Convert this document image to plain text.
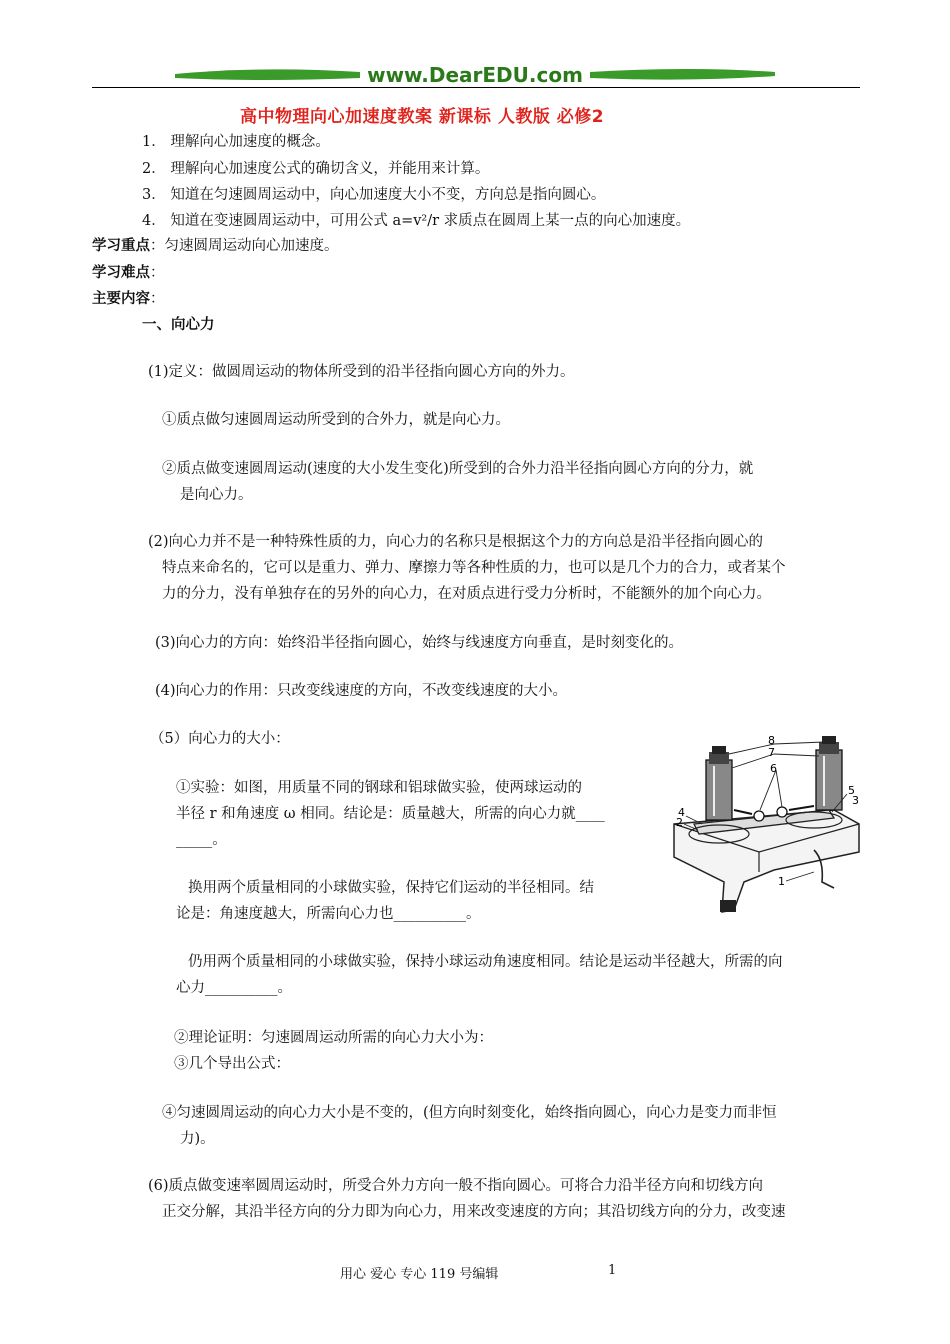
www.DearEDU.com
高中物理向心加速度教案 新课标 人教版 必修2
1． 理解向心加速度的概念。
2． 理解向心加速度公式的确切含义，并能用来计算。
3． 知道在匀速圆周运动中，向心加速度大小不变，方向总是指向圆心。
4． 知道在变速圆周运动中，可用公式 a=v²/r 求质点在圆周上某一点的向心加速度。
学习重点：匀速圆周运动向心加速度。
学习难点：
主要内容：
一、向心力
(1)定义：做圆周运动的物体所受到的沿半径指向圆心方向的外力。
①质点做匀速圆周运动所受到的合外力，就是向心力。
②质点做变速圆周运动(速度的大小发生变化)所受到的合外力沿半径指向圆心方向的分力，就
是向心力。
(2)向心力并不是一种特殊性质的力，向心力的名称只是根据这个力的方向总是沿半径指向圆心的
特点来命名的，它可以是重力、弹力、摩擦力等各种性质的力，也可以是几个力的合力，或者某个
力的分力，没有单独存在的另外的向心力，在对质点进行受力分析时，不能额外的加个向心力。
(3)向心力的方向：始终沿半径指向圆心，始终与线速度方向垂直，是时刻变化的。
(4)向心力的作用：只改变线速度的方向，不改变线速度的大小。
（5）向心力的大小：
①实验：如图，用质量不同的钢球和铝球做实验，使两球运动的
半径 r 和角速度 ω 相同。结论是：质量越大，所需的向心力就____
_____。
换用两个质量相同的小球做实验，保持它们运动的半径相同。结
论是：角速度越大，所需向心力也__________。
仍用两个质量相同的小球做实验，保持小球运动角速度相同。结论是运动半径越大，所需的向
心力__________。
8
7
6
5
3
4
2
1
②理论证明：匀速圆周运动所需的向心力大小为：
③几个导出公式：
④匀速圆周运动的向心力大小是不变的，(但方向时刻变化，始终指向圆心，向心力是变力而非恒
力)。
(6)质点做变速率圆周运动时，所受合外力方向一般不指向圆心。可将合力沿半径方向和切线方向
正交分解，其沿半径方向的分力即为向心力，用来改变速度的方向；其沿切线方向的分力，改变速
用心 爱心 专心 119 号编辑	1
